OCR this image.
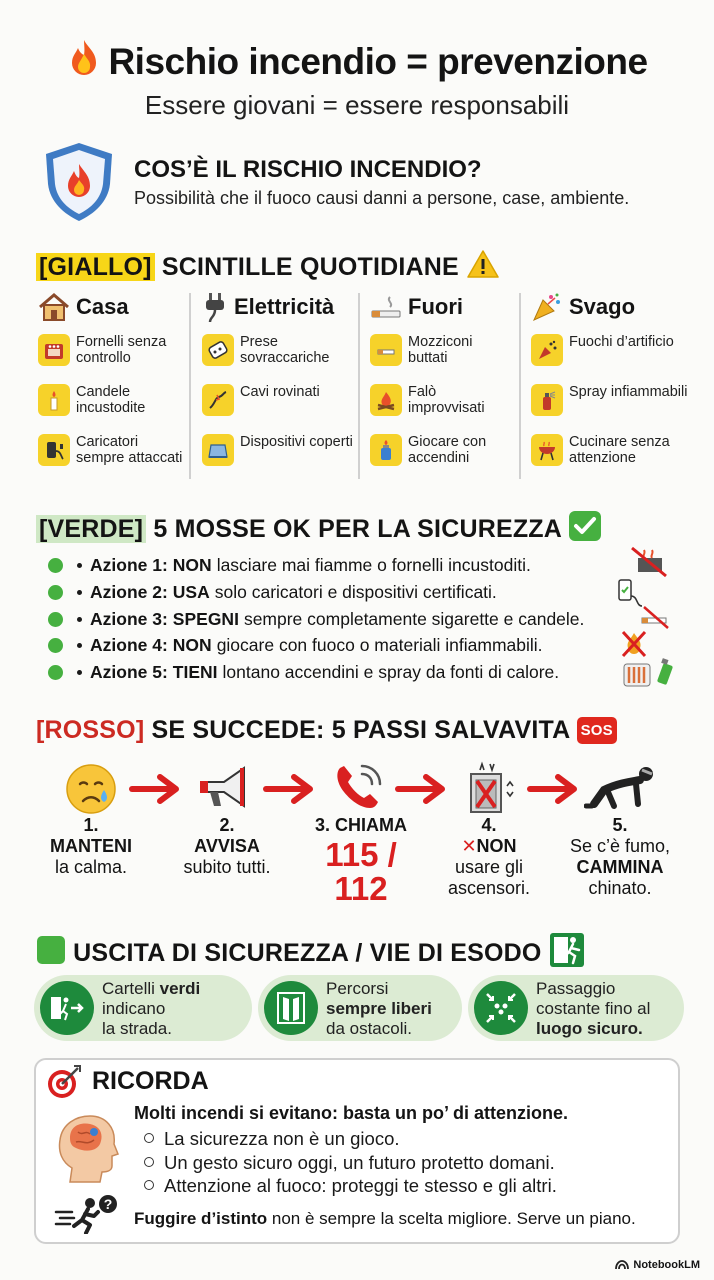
Rischio incendio = prevenzione
Essere giovani = essere responsabili
COS’È IL RISCHIO INCENDIO?
Possibilità che il fuoco causi danni a persone, case, ambiente.
[GIALLO] SCINTILLE QUOTIDIANE
Casa
Fornelli senza controllo
Candele incustodite
Caricatori sempre attaccati
Elettricità
Prese sovraccariche
Cavi rovinati
Dispositivi coperti
Fuori
Mozziconi buttati
Falò improvvisati
Giocare con accendini
Svago
Fuochi d’artificio
Spray infiammabili
Cucinare senza attenzione
[VERDE] 5 MOSSE OK PER LA SICUREZZA
Azione 1: NON lasciare mai fiamme o fornelli incustoditi.
Azione 2: USA solo caricatori e dispositivi certificati.
Azione 3: SPEGNI sempre completamente sigarette e candele.
Azione 4: NON giocare con fuoco o materiali infiammabili.
Azione 5: TIENI lontano accendini e spray da fonti di calore.
[ROSSO] SE SUCCEDE: 5 PASSI SALVAVITA SOS
1.
MANTENI
la calma.
2.
AVVISA
subito tutti.
3. CHIAMA
115 /
112
4.
✕NON
usare gli
ascensori.
5.
Se c’è fumo,
CAMMINA
chinato.
USCITA DI SICUREZZA / VIE DI ESODO
Cartelli verdi
indicano
la strada.
Percorsi
sempre liberi
da ostacoli.
Passaggio
costante fino al
luogo sicuro.
RICORDA
Molti incendi si evitano: basta un po’ di attenzione.
La sicurezza non è un gioco.
Un gesto sicuro oggi, un futuro protetto domani.
Attenzione al fuoco: proteggi te stesso e gli altri.
?
Fuggire d’istinto non è sempre la scelta migliore. Serve un piano.
NotebookLM
